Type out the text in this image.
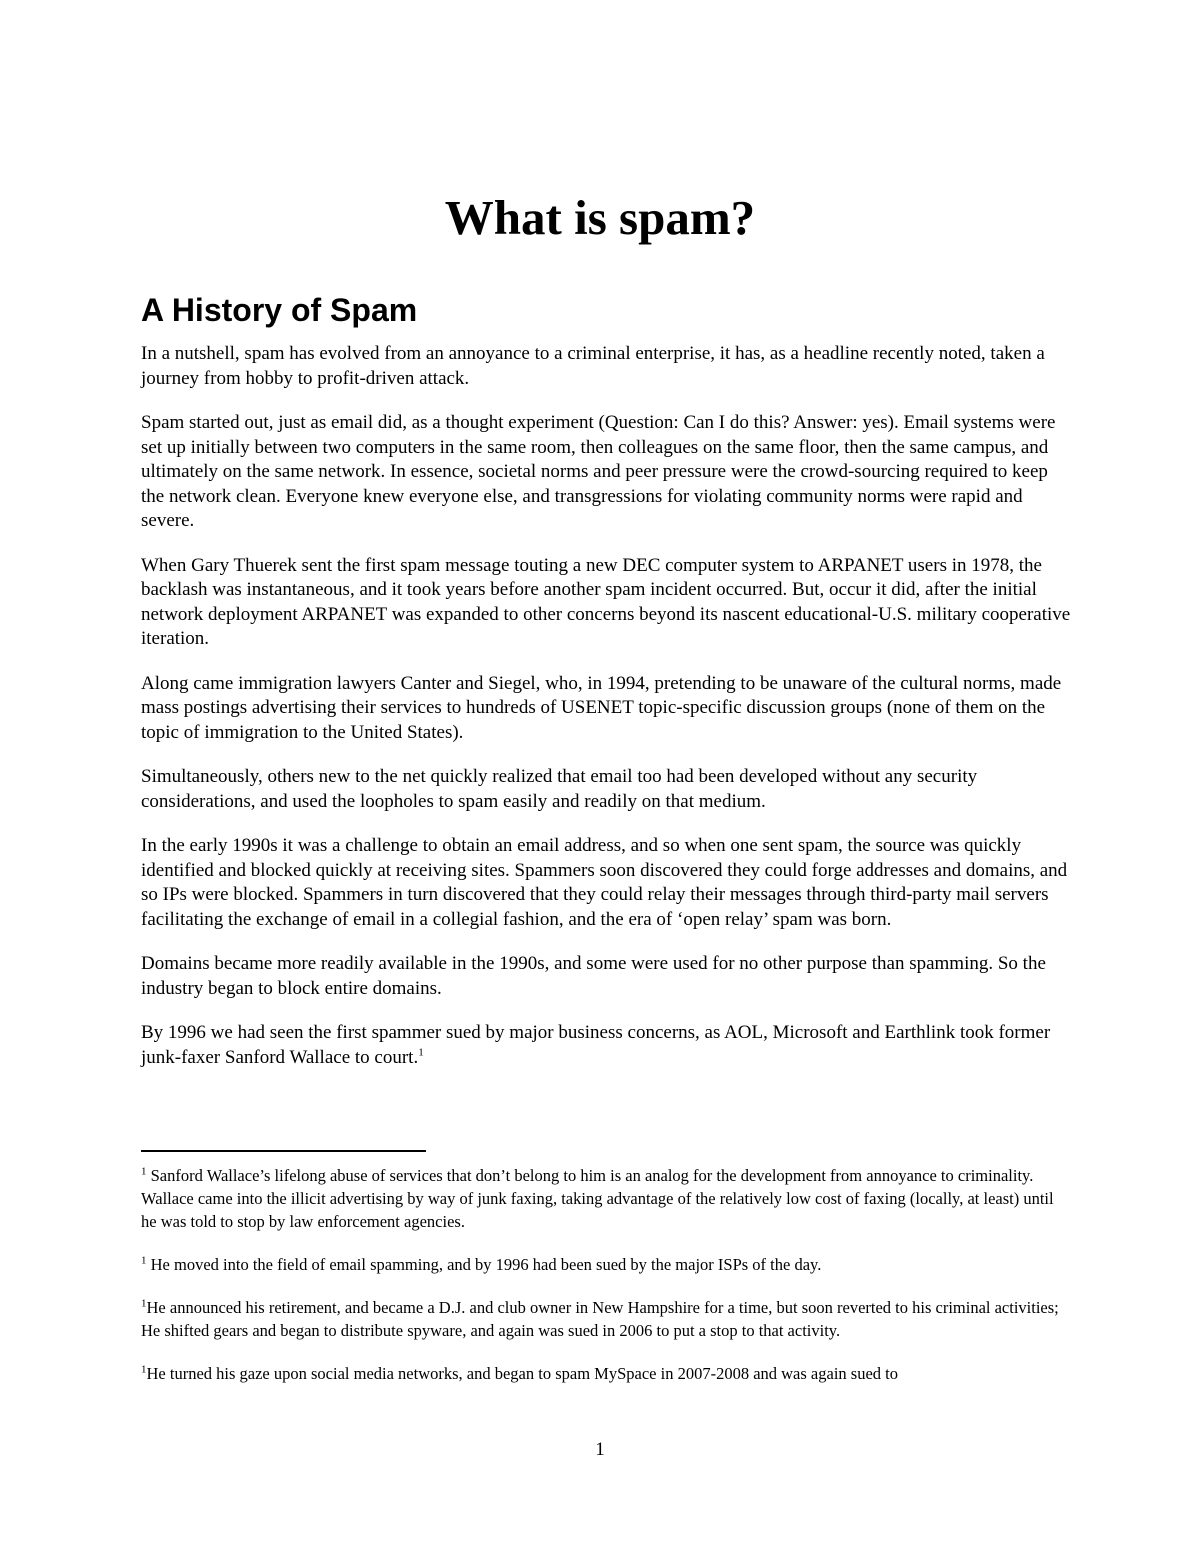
What is spam?
A History of Spam

In a nutshell, spam has evolved from an annoyance to a criminal enterprise, it has, as a headline recently noted, taken a journey from hobby to profit-driven attack.

Spam started out, just as email did, as a thought experiment (Question: Can I do this? Answer: yes). Email systems were set up initially between two computers in the same room, then colleagues on the same floor, then the same campus, and ultimately on the same network. In essence, societal norms and peer pressure were the crowd-sourcing required to keep the network clean. Everyone knew everyone else, and transgressions for violating community norms were rapid and severe.

When Gary Thuerek sent the first spam message touting a new DEC computer system to ARPANET users in 1978, the backlash was instantaneous, and it took years before another spam incident occurred. But, occur it did, after the initial network deployment ARPANET was expanded to other concerns beyond its nascent educational-U.S. military cooperative iteration.

Along came immigration lawyers Canter and Siegel, who, in 1994, pretending to be unaware of the cultural norms, made mass postings advertising their services to hundreds of USENET topic-specific discussion groups (none of them on the topic of immigration to the United States).

Simultaneously, others new to the net quickly realized that email too had been developed without any security considerations, and used the loopholes to spam easily and readily on that medium.

In the early 1990s it was a challenge to obtain an email address, and so when one sent spam, the source was quickly identified and blocked quickly at receiving sites. Spammers soon discovered they could forge addresses and domains, and so IPs were blocked. Spammers in turn discovered that they could relay their messages through third-party mail servers facilitating the exchange of email in a collegial fashion, and the era of ‘open relay’ spam was born.

Domains became more readily available in the 1990s, and some were used for no other purpose than spamming. So the industry began to block entire domains.

By 1996 we had seen the first spammer sued by major business concerns, as AOL, Microsoft and Earthlink took former junk-faxer Sanford Wallace to court.$^1$

$^1$ Sanford Wallace’s lifelong abuse of services that don’t belong to him is an analog for the development from annoyance to criminality. Wallace came into the illicit advertising by way of junk faxing, taking advantage of the relatively low cost of faxing (locally, at least) until he was told to stop by law enforcement agencies.

$^1$ He moved into the field of email spamming, and by 1996 had been sued by the major ISPs of the day.

$^1$He announced his retirement, and became a D.J. and club owner in New Hampshire for a time, but soon reverted to his criminal activities; He shifted gears and began to distribute spyware, and again was sued in 2006 to put a stop to that activity.

$^1$He turned his gaze upon social media networks, and began to spam MySpace in 2007-2008 and was again sued to

1
